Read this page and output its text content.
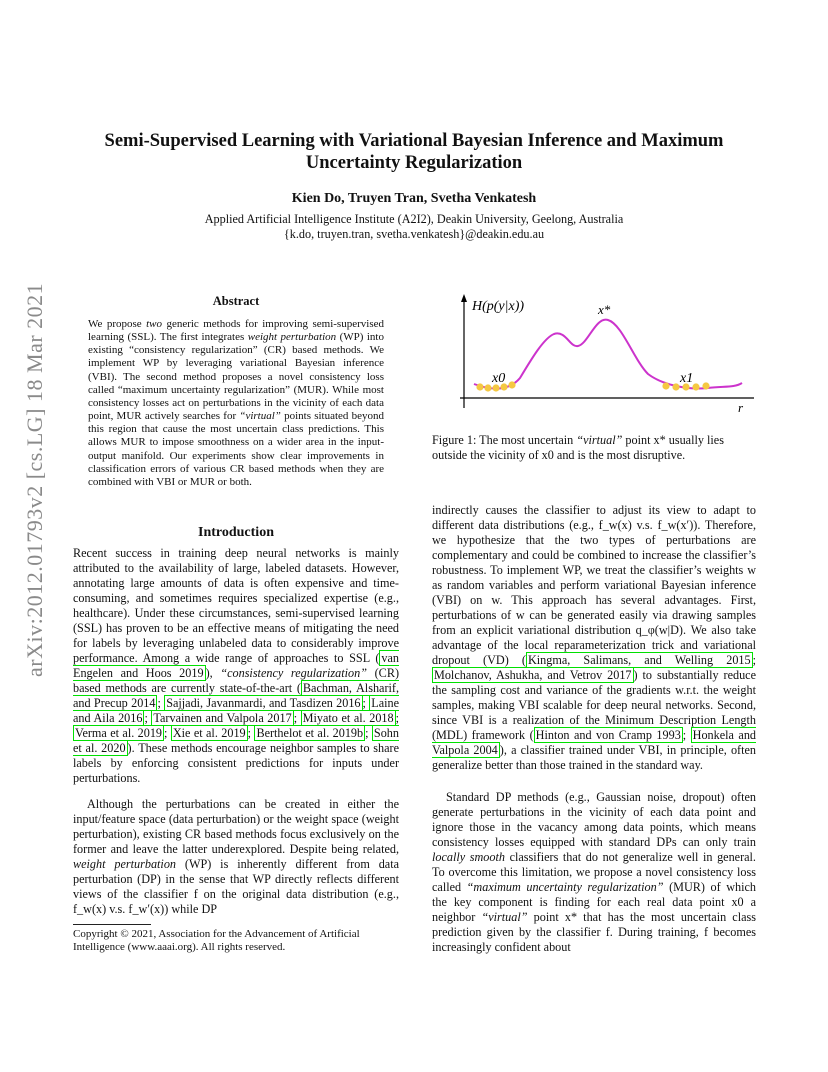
arXiv:2012.01793v2 [cs.LG] 18 Mar 2021
Semi-Supervised Learning with Variational Bayesian Inference and Maximum
Uncertainty Regularization
Kien Do, Truyen Tran, Svetha Venkatesh
Applied Artificial Intelligence Institute (A2I2), Deakin University, Geelong, Australia
{k.do, truyen.tran, svetha.venkatesh}@deakin.edu.au
Abstract
We propose two generic methods for improving semi-supervised learning (SSL). The first integrates weight perturbation (WP) into existing “consistency regularization” (CR) based methods. We implement WP by leveraging variational Bayesian inference (VBI). The second method proposes a novel consistency loss called “maximum uncertainty regularization” (MUR). While most consistency losses act on perturbations in the vicinity of each data point, MUR actively searches for “virtual” points situated beyond this region that cause the most uncertain class predictions. This allows MUR to impose smoothness on a wider area in the input-output manifold. Our experiments show clear improvements in classification errors of various CR based methods when they are combined with VBI or MUR or both.
Introduction
Recent success in training deep neural networks is mainly attributed to the availability of large, labeled datasets. However, annotating large amounts of data is often expensive and time-consuming, and sometimes requires specialized expertise (e.g., healthcare). Under these circumstances, semi-supervised learning (SSL) has proven to be an effective means of mitigating the need for labels by leveraging unlabeled data to considerably improve performance. Among a wide range of approaches to SSL ( van Engelen and Hoos 2019 ), “consistency regularization” (CR) based methods are currently state-of-the-art ( Bachman, Alsharif, and Precup 2014 ; Sajjadi, Javanmardi, and Tasdizen 2016 ; Laine and Aila 2016 ; Tarvainen and Valpola 2017 ; Miyato et al. 2018 ; Verma et al. 2019 ; Xie et al. 2019 ; Berthelot et al. 2019b ; Sohn et al. 2020 ). These methods encourage neighbor samples to share labels by enforcing consistent predictions for inputs under perturbations.
Although the perturbations can be created in either the input/feature space (data perturbation) or the weight space (weight perturbation), existing CR based methods focus exclusively on the former and leave the latter underexplored. Despite being related, weight perturbation (WP) is inherently different from data perturbation (DP) in the sense that WP directly reflects different views of the classifier f on the original data distribution (e.g., f_w(x) v.s. f_w′(x)) while DP
Copyright © 2021, Association for the Advancement of Artificial Intelligence (www.aaai.org). All rights reserved.
H(p(y|x))
r
x0	x1
x*
Figure 1: The most uncertain “virtual” point x* usually lies outside the vicinity of x0 and is the most disruptive.
indirectly causes the classifier to adjust its view to adapt to different data distributions (e.g., f_w(x) v.s. f_w(x′)). Therefore, we hypothesize that the two types of perturbations are complementary and could be combined to increase the classifier’s robustness. To implement WP, we treat the classifier’s weights w as random variables and perform variational Bayesian inference (VBI) on w. This approach has several advantages. First, perturbations of w can be generated easily via drawing samples from an explicit variational distribution q_φ(w|D). We also take advantage of the local reparameterization trick and variational dropout (VD) ( Kingma, Salimans, and Welling 2015 ; Molchanov, Ashukha, and Vetrov 2017 ) to substantially reduce the sampling cost and variance of the gradients w.r.t. the weight samples, making VBI scalable for deep neural networks. Second, since VBI is a realization of the Minimum Description Length (MDL) framework ( Hinton and von Cramp 1993 ; Honkela and Valpola 2004 ), a classifier trained under VBI, in principle, often generalize better than those trained in the standard way.
Standard DP methods (e.g., Gaussian noise, dropout) often generate perturbations in the vicinity of each data point and ignore those in the vacancy among data points, which means consistency losses equipped with standard DPs can only train locally smooth classifiers that do not generalize well in general. To overcome this limitation, we propose a novel consistency loss called “maximum uncertainty regularization” (MUR) of which the key component is finding for each real data point x0 a neighbor “virtual” point x* that has the most uncertain class prediction given by the classifier f. During training, f becomes increasingly confident about
